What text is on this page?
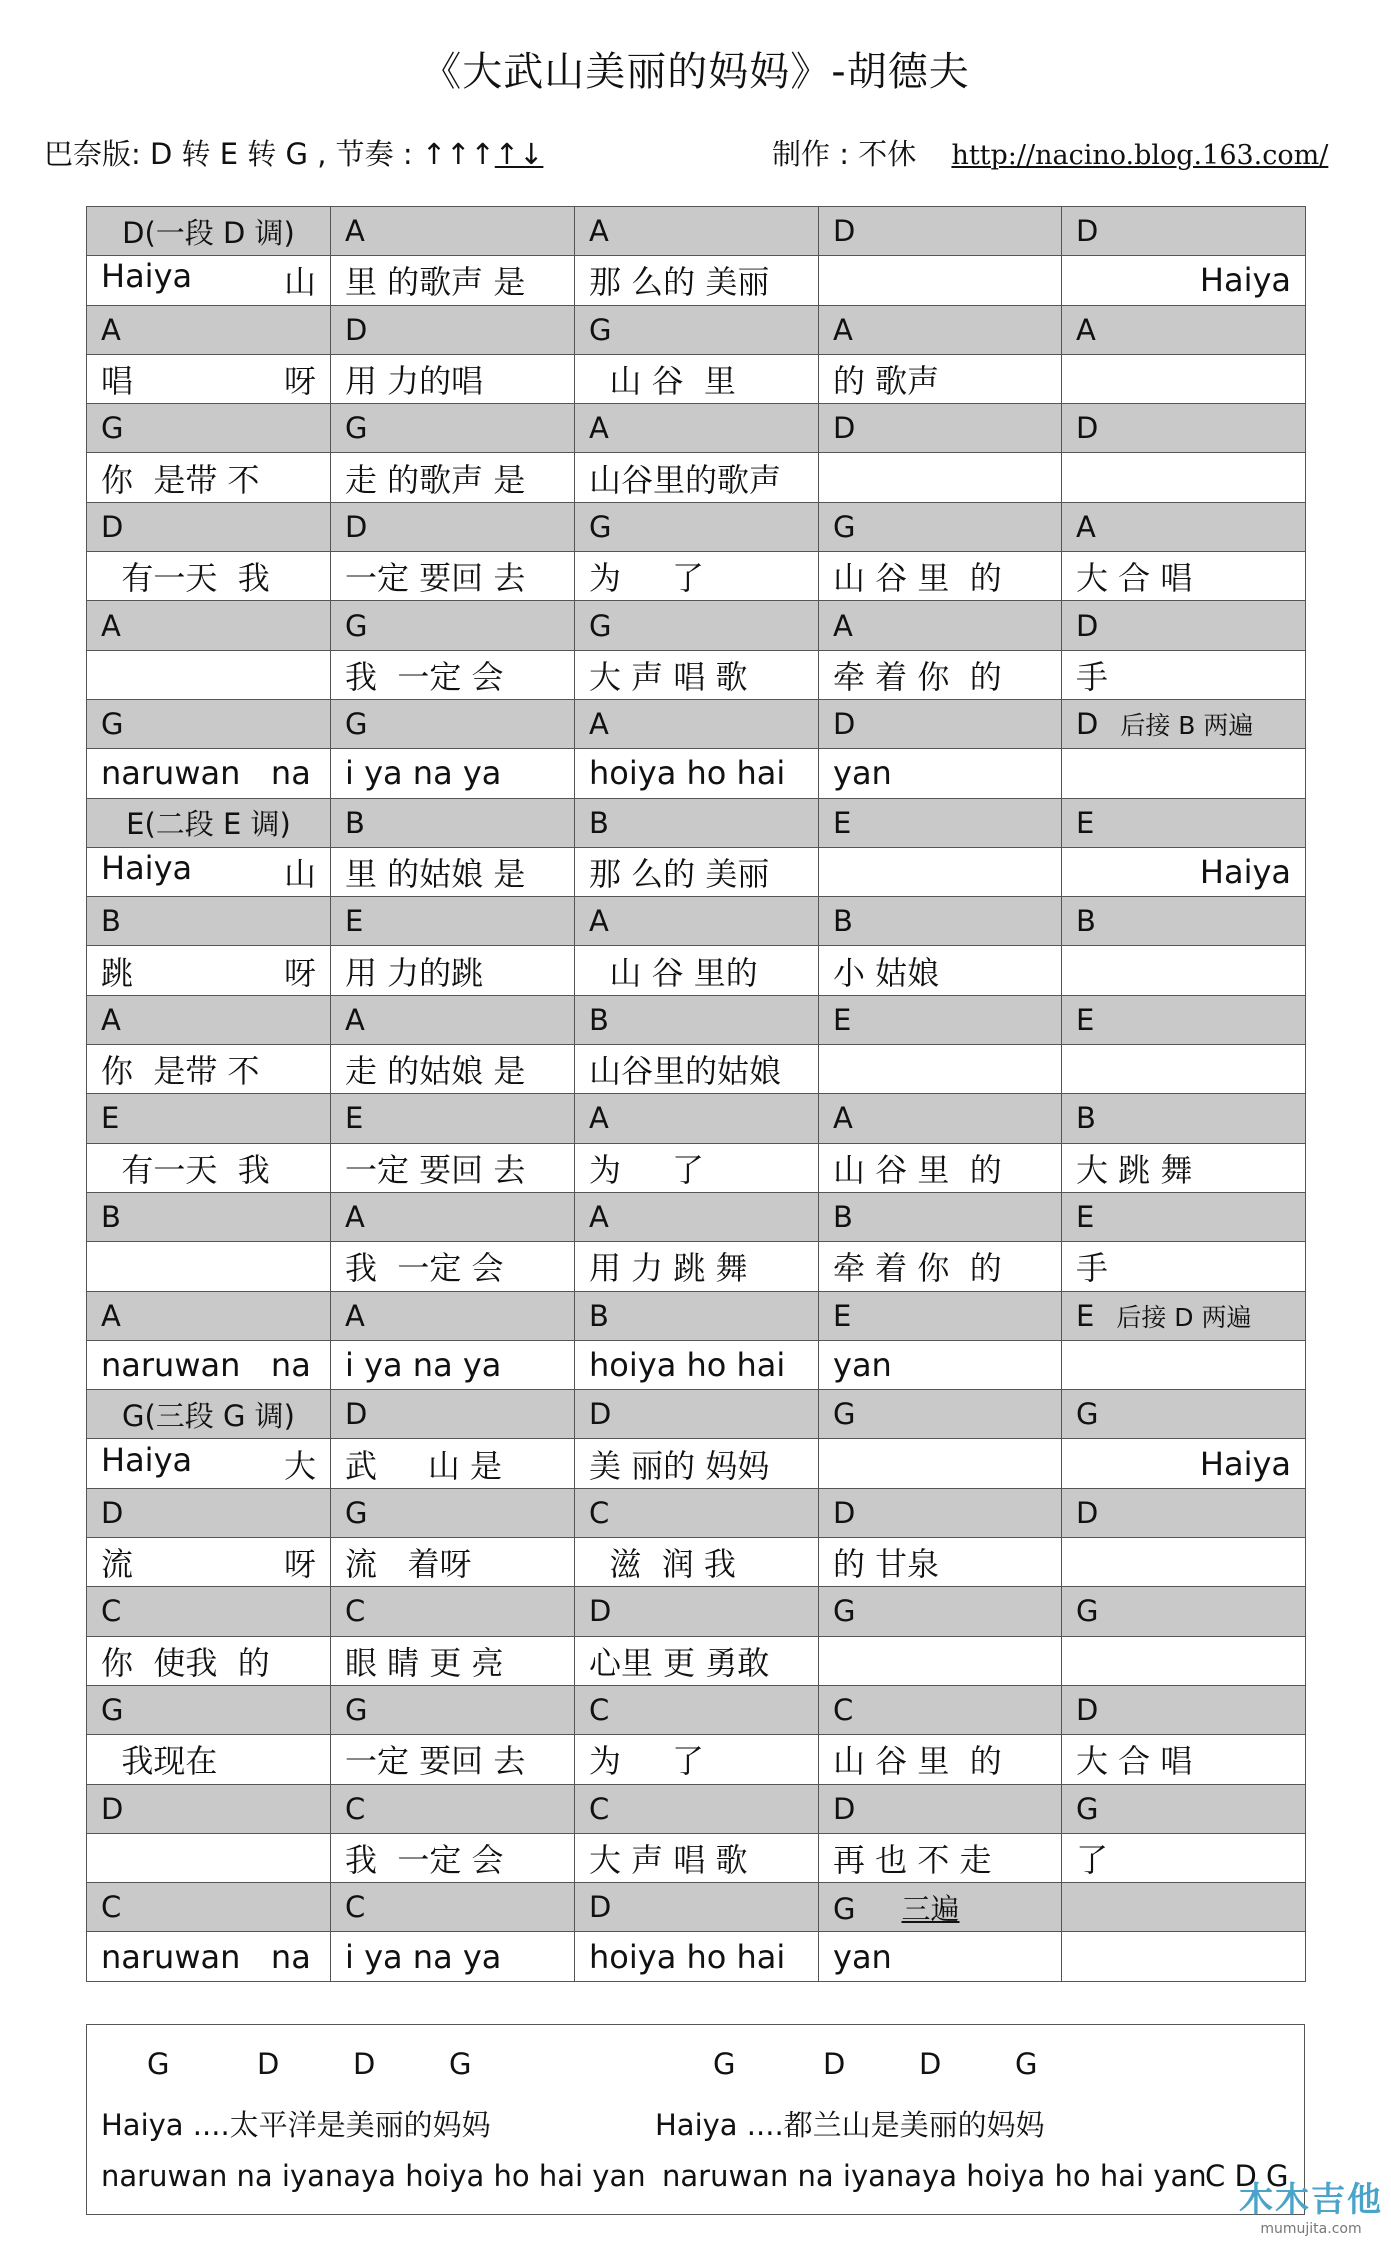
《大武山美丽的妈妈》-胡德夫
巴奈版: D 转 E 转 G , 节奏 : ↑↑↑↑↓	制作 : 不休 http://nacino.blog.163.com/
D(一段 D 调)	A	A	D	D

Haiya 山	里 的歌声 是	那 么的 美丽		Haiya
A	D	G	A	A

唱 呀	用 力的唱	山 谷  里	的 歌声	
G	G	A	D	D
你  是带 不	走 的歌声 是	山谷里的歌声		
D	D	G	G	A
有一天  我	一定 要回 去	为     了	山 谷 里  的	大 合 唱
A	G	G	A	D
	我  一定 会	大 声 唱 歌	牵 着 你  的	手
G	G	A	D	D 后接 B 两遍
naruwan   na	i ya na ya	hoiya ho hai	yan	
E(二段 E 调)	B	B	E	E

Haiya 山	里 的姑娘 是	那 么的 美丽		Haiya
B	E	A	B	B

跳 呀	用 力的跳	山 谷 里的	小 姑娘	
A	A	B	E	E
你  是带 不	走 的姑娘 是	山谷里的姑娘		
E	E	A	A	B
有一天  我	一定 要回 去	为     了	山 谷 里  的	大 跳 舞
B	A	A	B	E
	我  一定 会	用 力 跳 舞	牵 着 你  的	手
A	A	B	E	E 后接 D 两遍
naruwan   na	i ya na ya	hoiya ho hai	yan	
G(三段 G 调)	D	D	G	G

Haiya 大	武     山 是	美 丽的 妈妈		Haiya
D	G	C	D	D

流 呀	流   着呀	滋  润 我	的 甘泉	
C	C	D	G	G
你  使我  的	眼 睛 更 亮	心里 更 勇敢		
G	G	C	C	D
我现在	一定 要回 去	为     了	山 谷 里  的	大 合 唱
D	C	C	D	G
	我  一定 会	大 声 唱 歌	再 也 不 走	了
C	C	D	G 三遍	
naruwan   na	i ya na ya	hoiya ho hai	yan	
G	D	D	G	G	D	D	G
Haiya ....太平洋是美丽的妈妈	Haiya ....都兰山是美丽的妈妈
naruwan na iyanaya hoiya ho hai yan naruwan na iyanaya hoiya ho hai yan
C D G
木木吉他
mumujita.com
